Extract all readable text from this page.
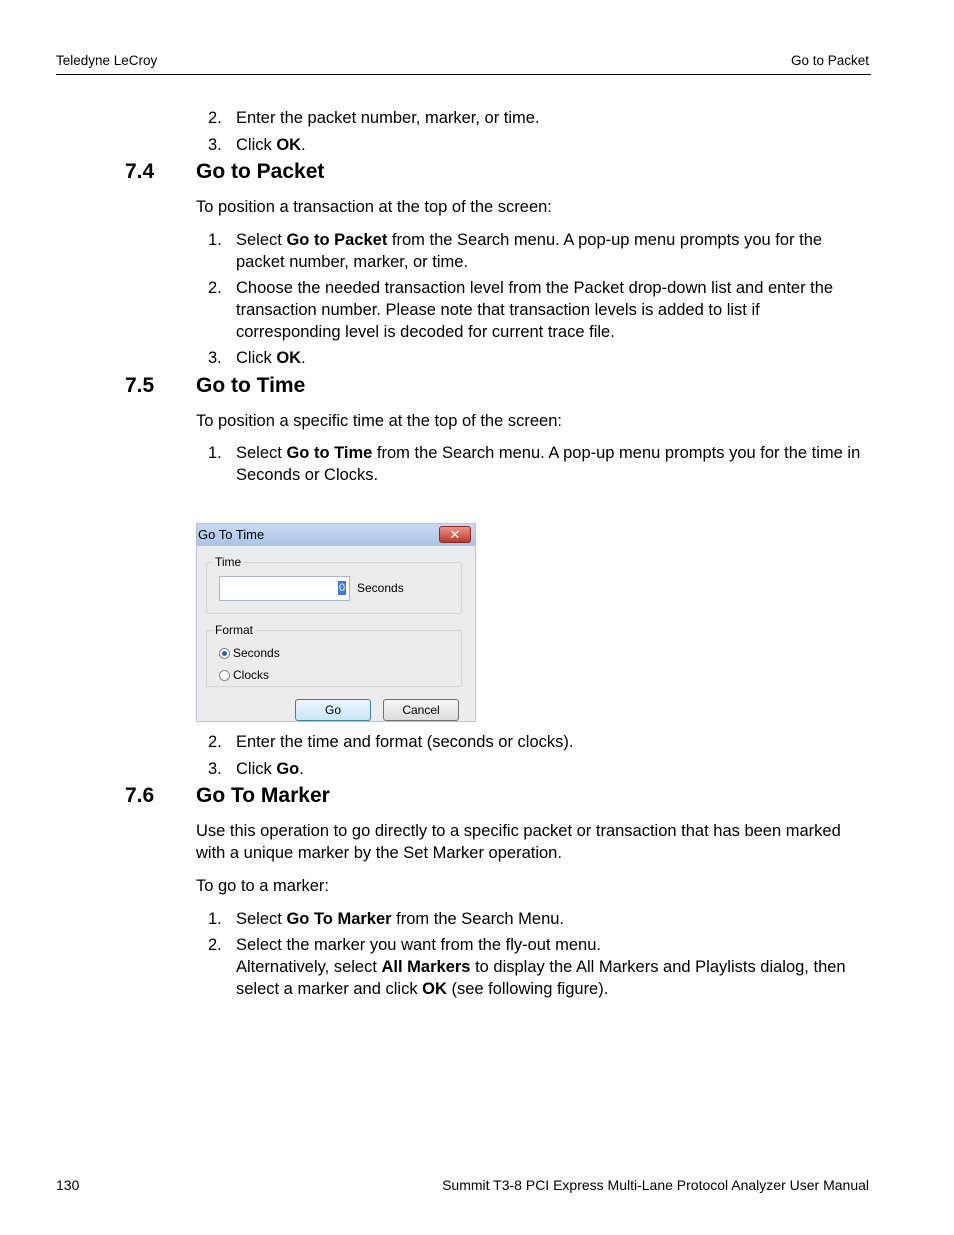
Teledyne LeCroy	Go to Packet
2. Enter the packet number, marker, or time.
3. Click OK.
7.4 Go to Packet
To position a transaction at the top of the screen:
1. Select Go to Packet from the Search menu. A pop-up menu prompts you for the packet number, marker, or time.
2. Choose the needed transaction level from the Packet drop-down list and enter the transaction number. Please note that transaction levels is added to list if corresponding level is decoded for current trace file.
3. Click OK.
7.5 Go to Time
To position a specific time at the top of the screen:
1. Select Go to Time from the Search menu. A pop-up menu prompts you for the time in Seconds or Clocks.
Go To Time	✕
Time
0 Seconds
Format
Seconds
Clocks
Go	Cancel
2. Enter the time and format (seconds or clocks).
3. Click Go.
7.6 Go To Marker
Use this operation to go directly to a specific packet or transaction that has been marked with a unique marker by the Set Marker operation.
To go to a marker:
1. Select Go To Marker from the Search Menu.
2. Select the marker you want from the fly-out menu.
Alternatively, select All Markers to display the All Markers and Playlists dialog, then select a marker and click OK (see following figure).
130	Summit T3-8 PCI Express Multi-Lane Protocol Analyzer User Manual
